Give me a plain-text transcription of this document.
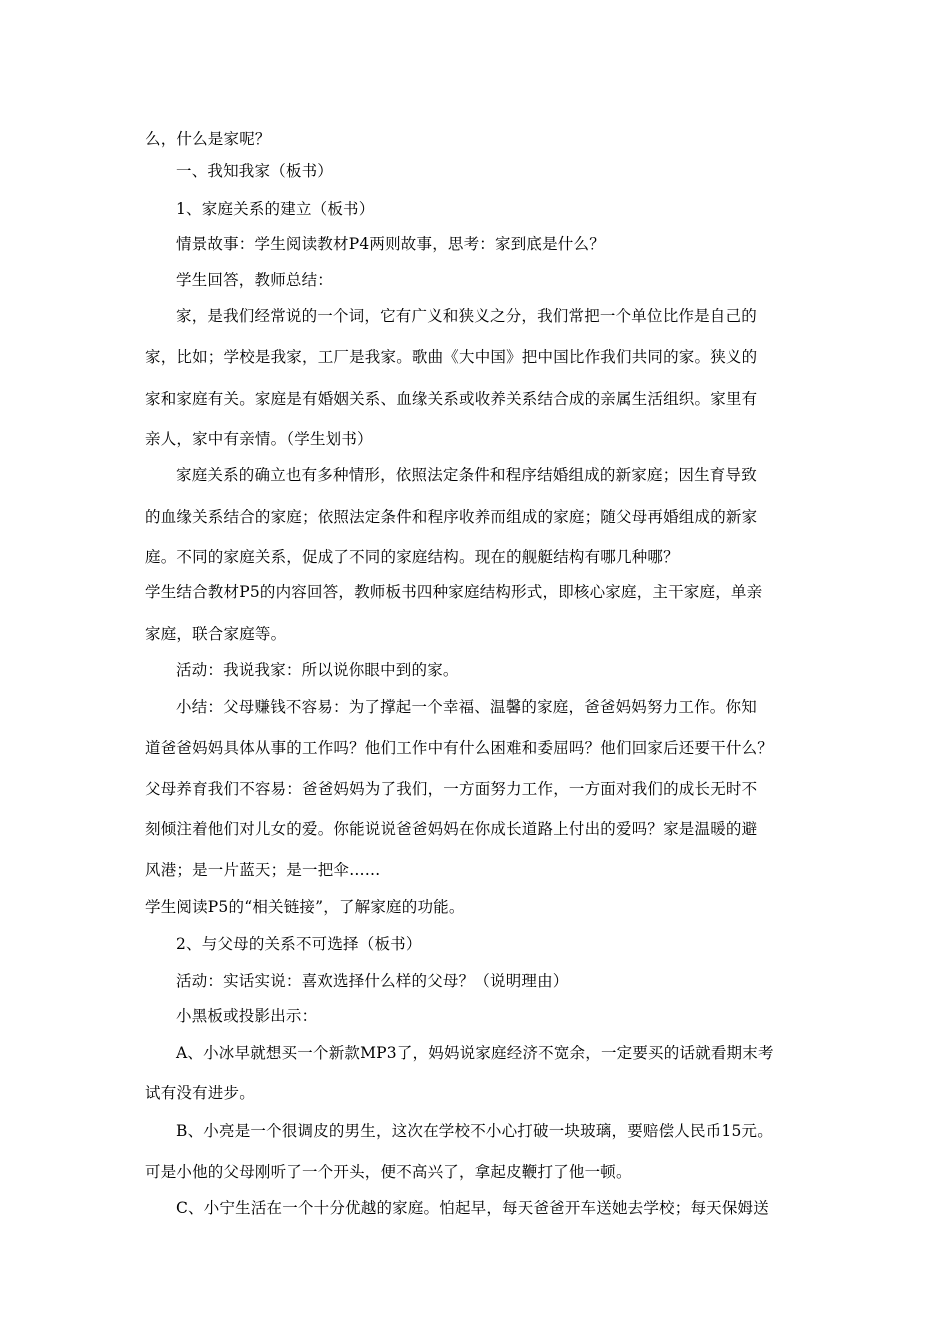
么，什么是家呢？
一、我知我家（板书）
1、家庭关系的建立（板书）
情景故事：学生阅读教材P4两则故事，思考：家到底是什么？
学生回答，教师总结：
家，是我们经常说的一个词，它有广义和狭义之分，我们常把一个单位比作是自己的
家，比如；学校是我家，工厂是我家。歌曲《大中国》把中国比作我们共同的家。狭义的
家和家庭有关。家庭是有婚姻关系、血缘关系或收养关系结合成的亲属生活组织。家里有
亲人，家中有亲情。（学生划书）
家庭关系的确立也有多种情形，依照法定条件和程序结婚组成的新家庭；因生育导致
的血缘关系结合的家庭；依照法定条件和程序收养而组成的家庭；随父母再婚组成的新家
庭。不同的家庭关系，促成了不同的家庭结构。现在的舰艇结构有哪几种哪？
学生结合教材P5的内容回答，教师板书四种家庭结构形式，即核心家庭，主干家庭，单亲
家庭，联合家庭等。
活动：我说我家：所以说你眼中到的家。
小结：父母赚钱不容易：为了撑起一个幸福、温馨的家庭，爸爸妈妈努力工作。你知
道爸爸妈妈具体从事的工作吗？他们工作中有什么困难和委屈吗？他们回家后还要干什么？
父母养育我们不容易：爸爸妈妈为了我们，一方面努力工作，一方面对我们的成长无时不
刻倾注着他们对儿女的爱。你能说说爸爸妈妈在你成长道路上付出的爱吗？家是温暖的避
风港；是一片蓝天；是一把伞……
学生阅读P5的“相关链接”，了解家庭的功能。
2、与父母的关系不可选择（板书）
活动：实话实说：喜欢选择什么样的父母？（说明理由）
小黑板或投影出示：
A、小冰早就想买一个新款MP3了，妈妈说家庭经济不宽余，一定要买的话就看期末考
试有没有进步。
B、小亮是一个很调皮的男生，这次在学校不小心打破一块玻璃，要赔偿人民币15元。
可是小他的父母刚听了一个开头，便不高兴了，拿起皮鞭打了他一顿。
C、小宁生活在一个十分优越的家庭。怕起早，每天爸爸开车送她去学校；每天保姆送
